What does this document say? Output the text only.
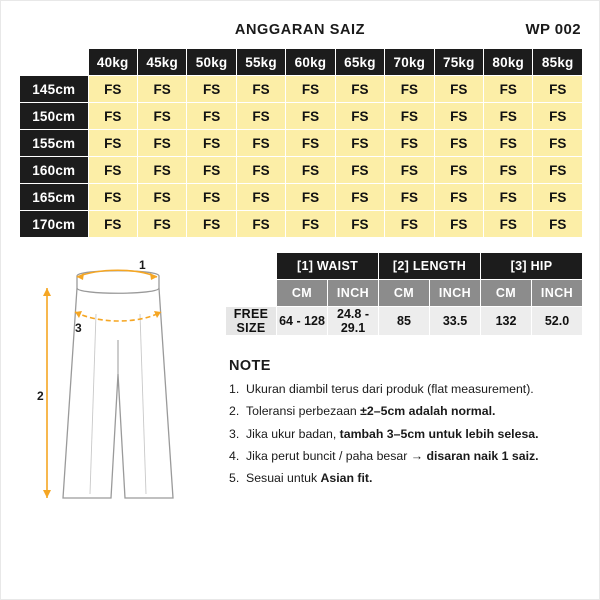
ANGGARAN SAIZ	WP 002
	40kg	45kg	50kg	55kg	60kg	65kg	70kg	75kg	80kg	85kg
145cm	FS	FS	FS	FS	FS	FS	FS	FS	FS	FS
150cm	FS	FS	FS	FS	FS	FS	FS	FS	FS	FS
155cm	FS	FS	FS	FS	FS	FS	FS	FS	FS	FS
160cm	FS	FS	FS	FS	FS	FS	FS	FS	FS	FS
165cm	FS	FS	FS	FS	FS	FS	FS	FS	FS	FS
170cm	FS	FS	FS	FS	FS	FS	FS	FS	FS	FS
1
3
2
	[1] WAIST		[2] LENGTH		[3] HIP	
	CM	INCH	CM	INCH	CM	INCH
FREE SIZE	64 - 128	24.8 - 29.1	85	33.5	132	52.0
NOTE
1. Ukuran diambil terus dari produk (flat measurement).
2. Toleransi perbezaan ±2–5cm adalah normal.
3. Jika ukur badan, tambah 3–5cm untuk lebih selesa.
4. Jika perut buncit / paha besar → disaran naik 1 saiz.
5. Sesuai untuk Asian fit.
